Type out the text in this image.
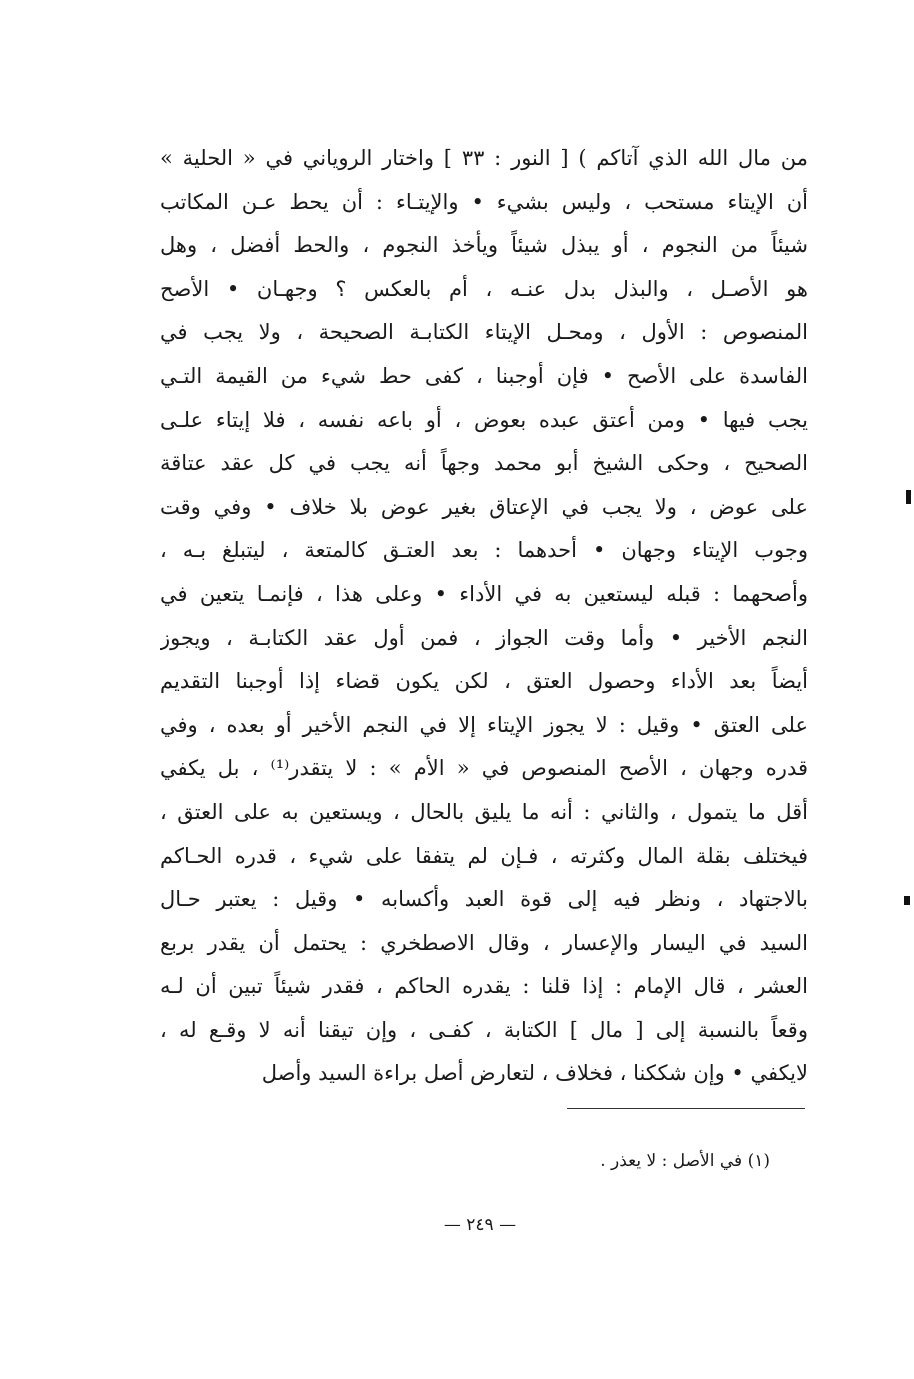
من مال الله الذي آتاكم ) [ النور : ٣٣ ] واختار الروياني في « الحلية »
أن الإيتاء مستحب ، وليس بشيء • والإيتـاء : أن يحط عـن المكاتب
شيئاً من النجوم ، أو يبذل شيئاً ويأخذ النجوم ، والحط أفضل ، وهل
هو الأصـل ، والبذل بدل عنـه ، أم بالعكس ؟ وجهـان • الأصح
المنصوص : الأول ، ومحـل الإيتاء الكتابـة الصحيحة ، ولا يجب في
الفاسدة على الأصح • فإن أوجبنا ، كفى حط شيء من القيمة التـي
يجب فيها • ومن أعتق عبده بعوض ، أو باعه نفسه ، فلا إيتاء علـى
الصحيح ، وحكى الشيخ أبو محمد وجهاً أنه يجب في كل عقد عتاقة
على عوض ، ولا يجب في الإعتاق بغير عوض بلا خلاف • وفي وقت
وجوب الإيتاء وجهان • أحدهما : بعد العتـق كالمتعة ، ليتبلغ بـه ،
وأصحهما : قبله ليستعين به في الأداء • وعلى هذا ، فإنمـا يتعين في
النجم الأخير • وأما وقت الجواز ، فمن أول عقد الكتابـة ، ويجوز
أيضاً بعد الأداء وحصول العتق ، لكن يكون قضاء إذا أوجبنا التقديم
على العتق • وقيل : لا يجوز الإيتاء إلا في النجم الأخير أو بعده ، وفي
قدره وجهان ، الأصح المنصوص في « الأم » : لا يتقدر⁽¹⁾ ، بل يكفي
أقل ما يتمول ، والثاني : أنه ما يليق بالحال ، ويستعين به على العتق ،
فيختلف بقلة المال وكثرته ، فـإن لم يتفقا على شيء ، قدره الحـاكم
بالاجتهاد ، ونظر فيه إلى قوة العبد وأكسابه • وقيل : يعتبر حـال
السيد في اليسار والإعسار ، وقال الاصطخري : يحتمل أن يقدر بربع
العشر ، قال الإمام : إذا قلنا : يقدره الحاكم ، فقدر شيئاً تبين أن لـه
وقعاً بالنسبة إلى [ مال ] الكتابة ، كفـى ، وإن تيقنا أنه لا وقـع له ،
لايكفي • وإن شككنا ، فخلاف ، لتعارض أصل براءة السيد وأصل
(١) في الأصل : لا يعذر .
— ٢٤٩ —
